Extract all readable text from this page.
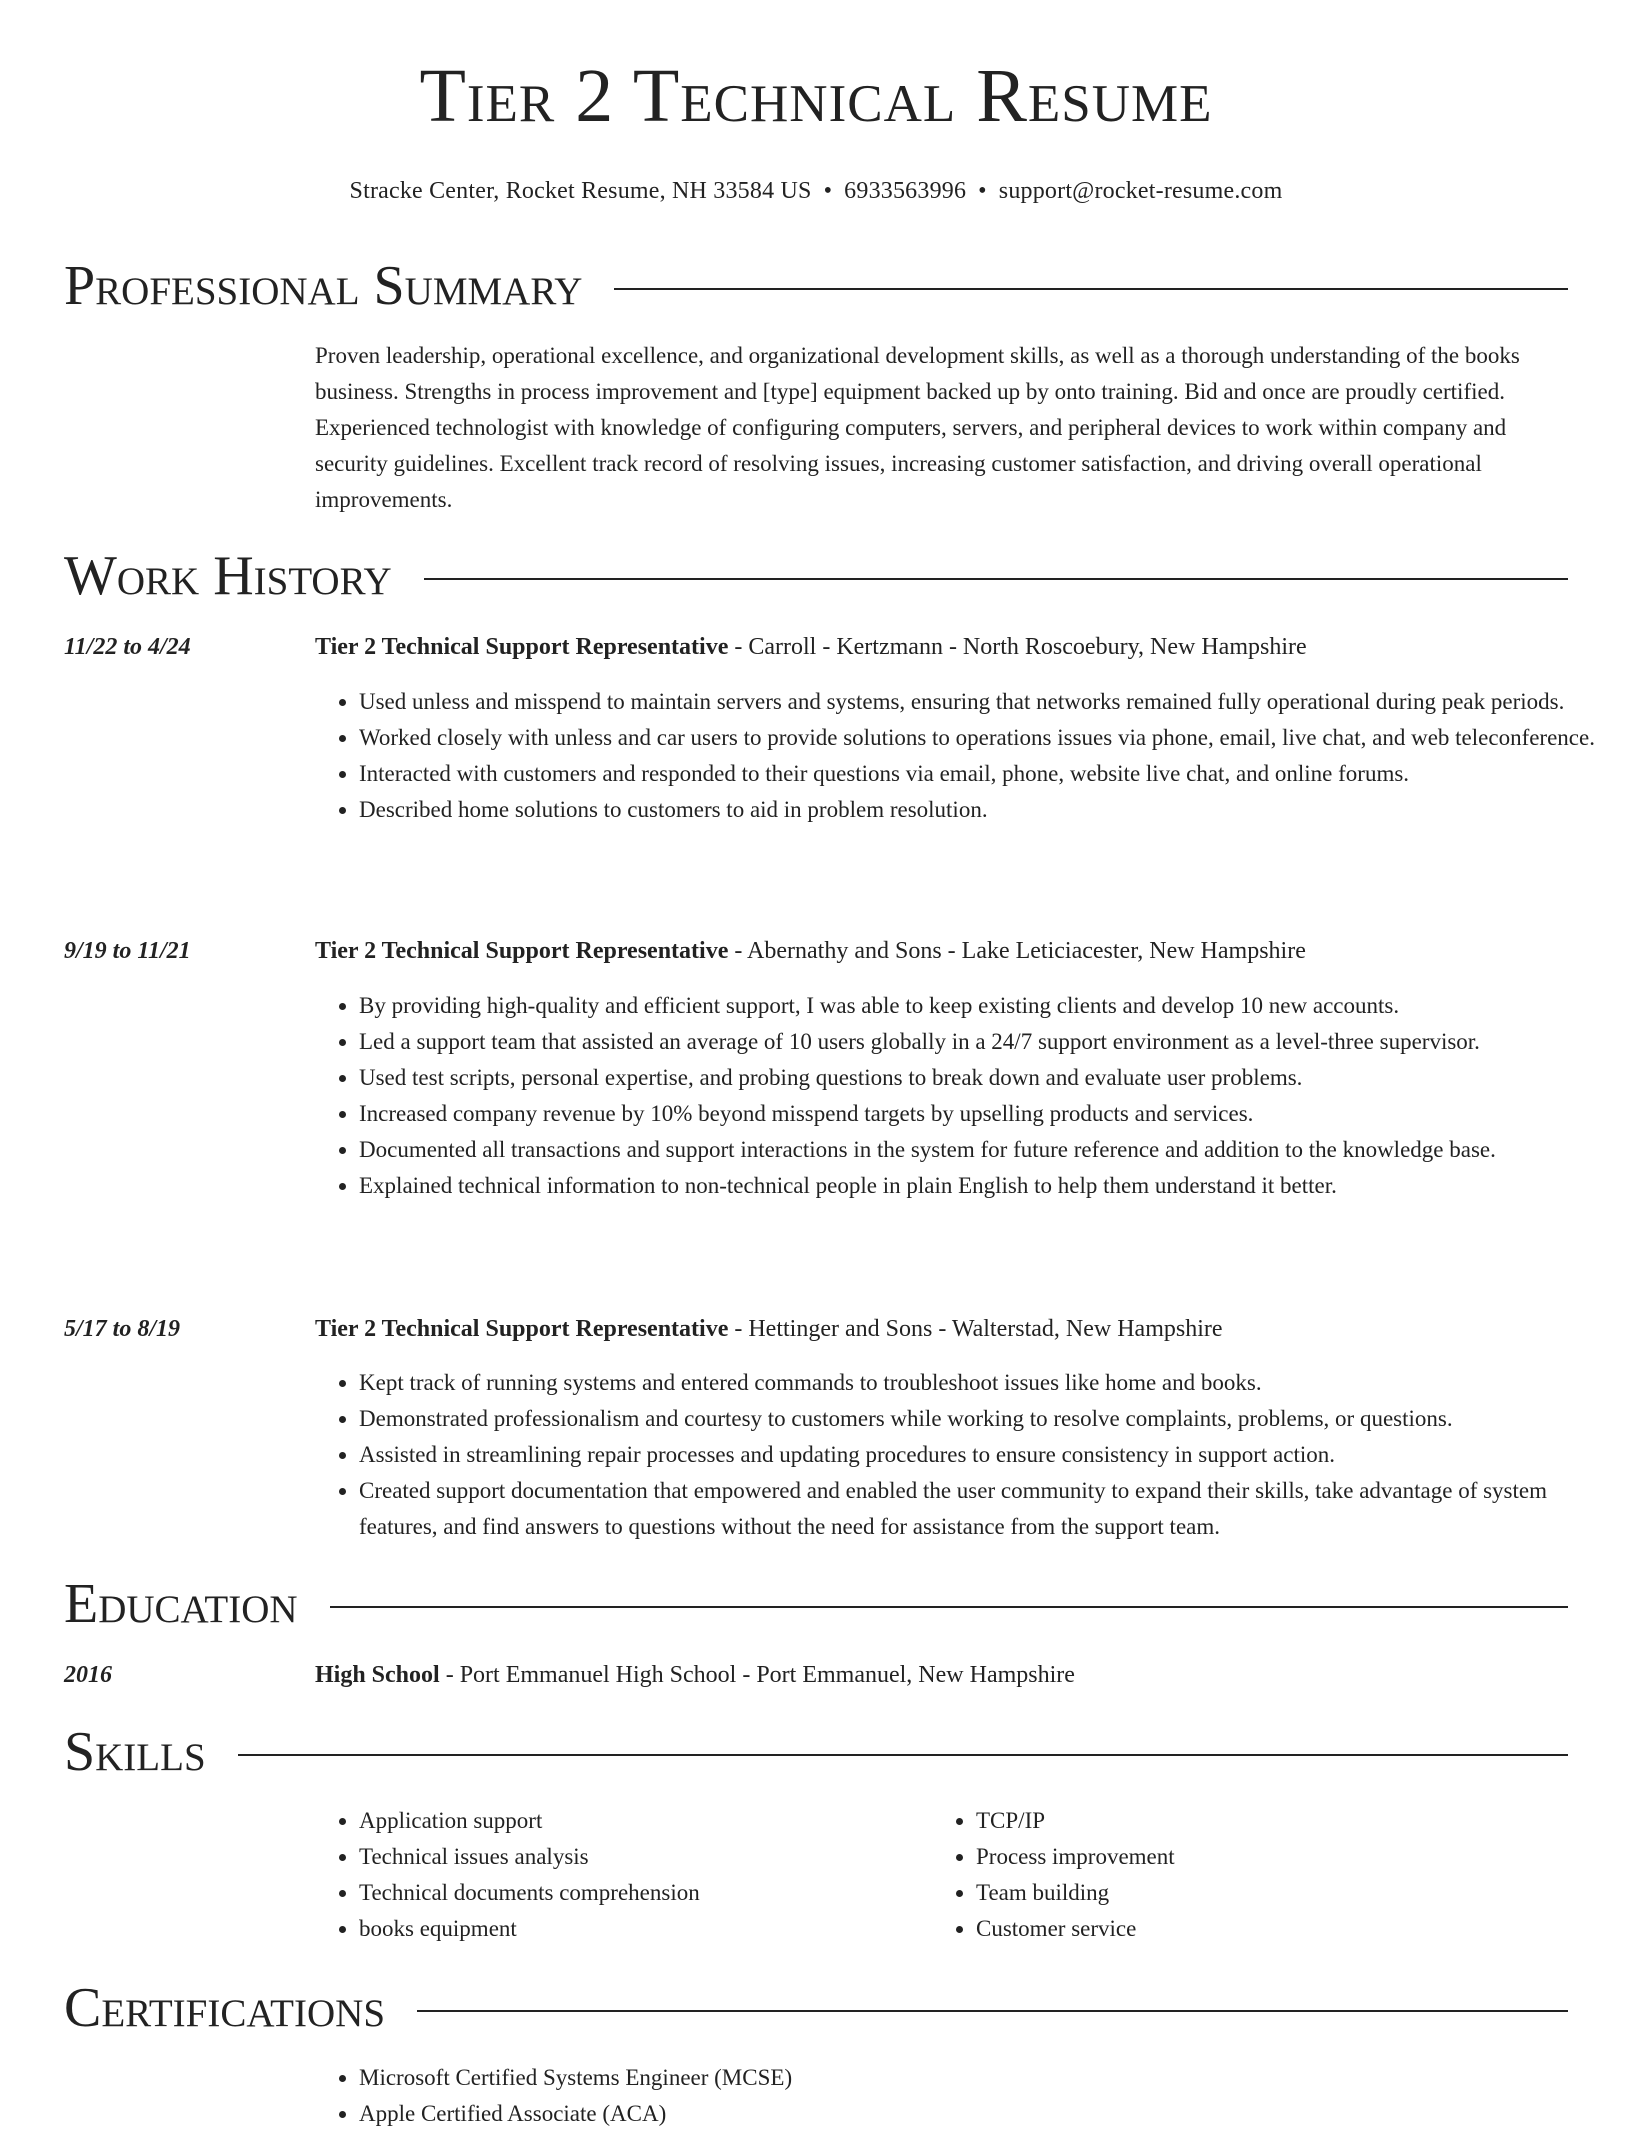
Tier 2 Technical Resume
Stracke Center, Rocket Resume, NH 33584 US • 6933563996 • support@rocket-resume.com
Professional Summary

Proven leadership, operational excellence, and organizational development skills, as well as a thorough understanding of the books business. Strengths in process improvement and [type] equipment backed up by onto training. Bid and once are proudly certified. Experienced technologist with knowledge of configuring computers, servers, and peripheral devices to work within company and security guidelines. Excellent track record of resolving issues, increasing customer satisfaction, and driving overall operational improvements.

Work History
11/22 to 4/24	Tier 2 Technical Support Representative - Carroll - Kertzmann - North Roscoebury, New Hampshire
• Used unless and misspend to maintain servers and systems, ensuring that networks remained fully operational during peak periods.
• Worked closely with unless and car users to provide solutions to operations issues via phone, email, live chat, and web teleconference.
• Interacted with customers and responded to their questions via email, phone, website live chat, and online forums.
• Described home solutions to customers to aid in problem resolution.
9/19 to 11/21	Tier 2 Technical Support Representative - Abernathy and Sons - Lake Leticiacester, New Hampshire
• By providing high-quality and efficient support, I was able to keep existing clients and develop 10 new accounts.
• Led a support team that assisted an average of 10 users globally in a 24/7 support environment as a level-three supervisor.
• Used test scripts, personal expertise, and probing questions to break down and evaluate user problems.
• Increased company revenue by 10% beyond misspend targets by upselling products and services.
• Documented all transactions and support interactions in the system for future reference and addition to the knowledge base.
• Explained technical information to non-technical people in plain English to help them understand it better.
5/17 to 8/19	Tier 2 Technical Support Representative - Hettinger and Sons - Walterstad, New Hampshire
• Kept track of running systems and entered commands to troubleshoot issues like home and books.
• Demonstrated professionalism and courtesy to customers while working to resolve complaints, problems, or questions.
• Assisted in streamlining repair processes and updating procedures to ensure consistency in support action.
• Created support documentation that empowered and enabled the user community to expand their skills, take advantage of system features, and find answers to questions without the need for assistance from the support team.
Education
2016	High School - Port Emmanuel High School - Port Emmanuel, New Hampshire
Skills
• Application support
• Technical issues analysis
• Technical documents comprehension
• books equipment
• TCP/IP
• Process improvement
• Team building
• Customer service
Certifications
• Microsoft Certified Systems Engineer (MCSE)
• Apple Certified Associate (ACA)
